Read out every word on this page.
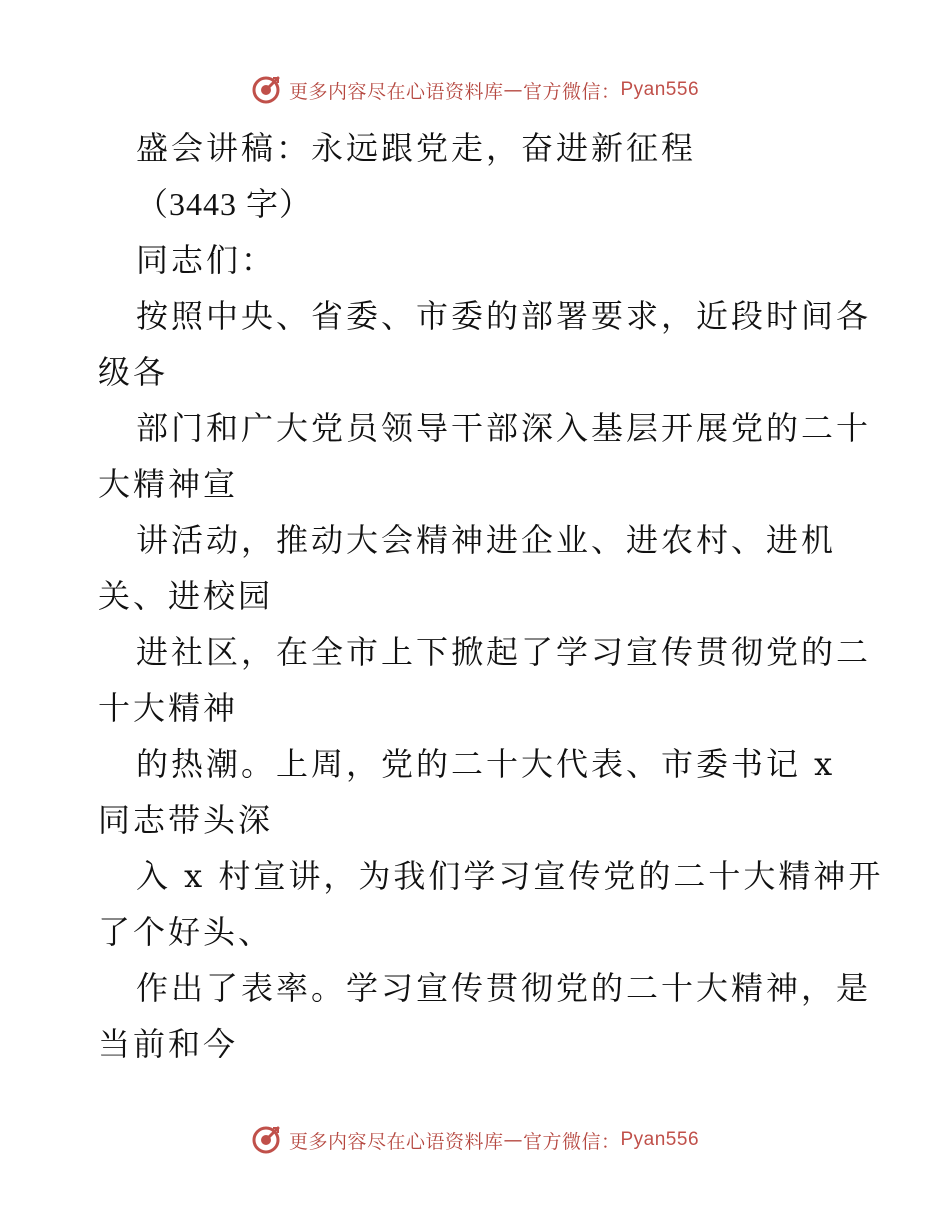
更多内容尽在心语资料库 — 官方微信： Pyan556
盛会讲稿：永远跟党走，奋进新征程
（3443 字）
同志们：
按照中央、省委、市委的部署要求，近段时间各
级各
部门和广大党员领导干部深入基层开展党的二十
大精神宣
讲活动，推动大会精神进企业、进农村、进机
关、进校园
进社区，在全市上下掀起了学习宣传贯彻党的二
十大精神
的热潮。上周，党的二十大代表、市委书记 x
同志带头深
入 x 村宣讲，为我们学习宣传党的二十大精神开
了个好头、
作出了表率。学习宣传贯彻党的二十大精神，是
当前和今
更多内容尽在心语资料库 — 官方微信： Pyan556
